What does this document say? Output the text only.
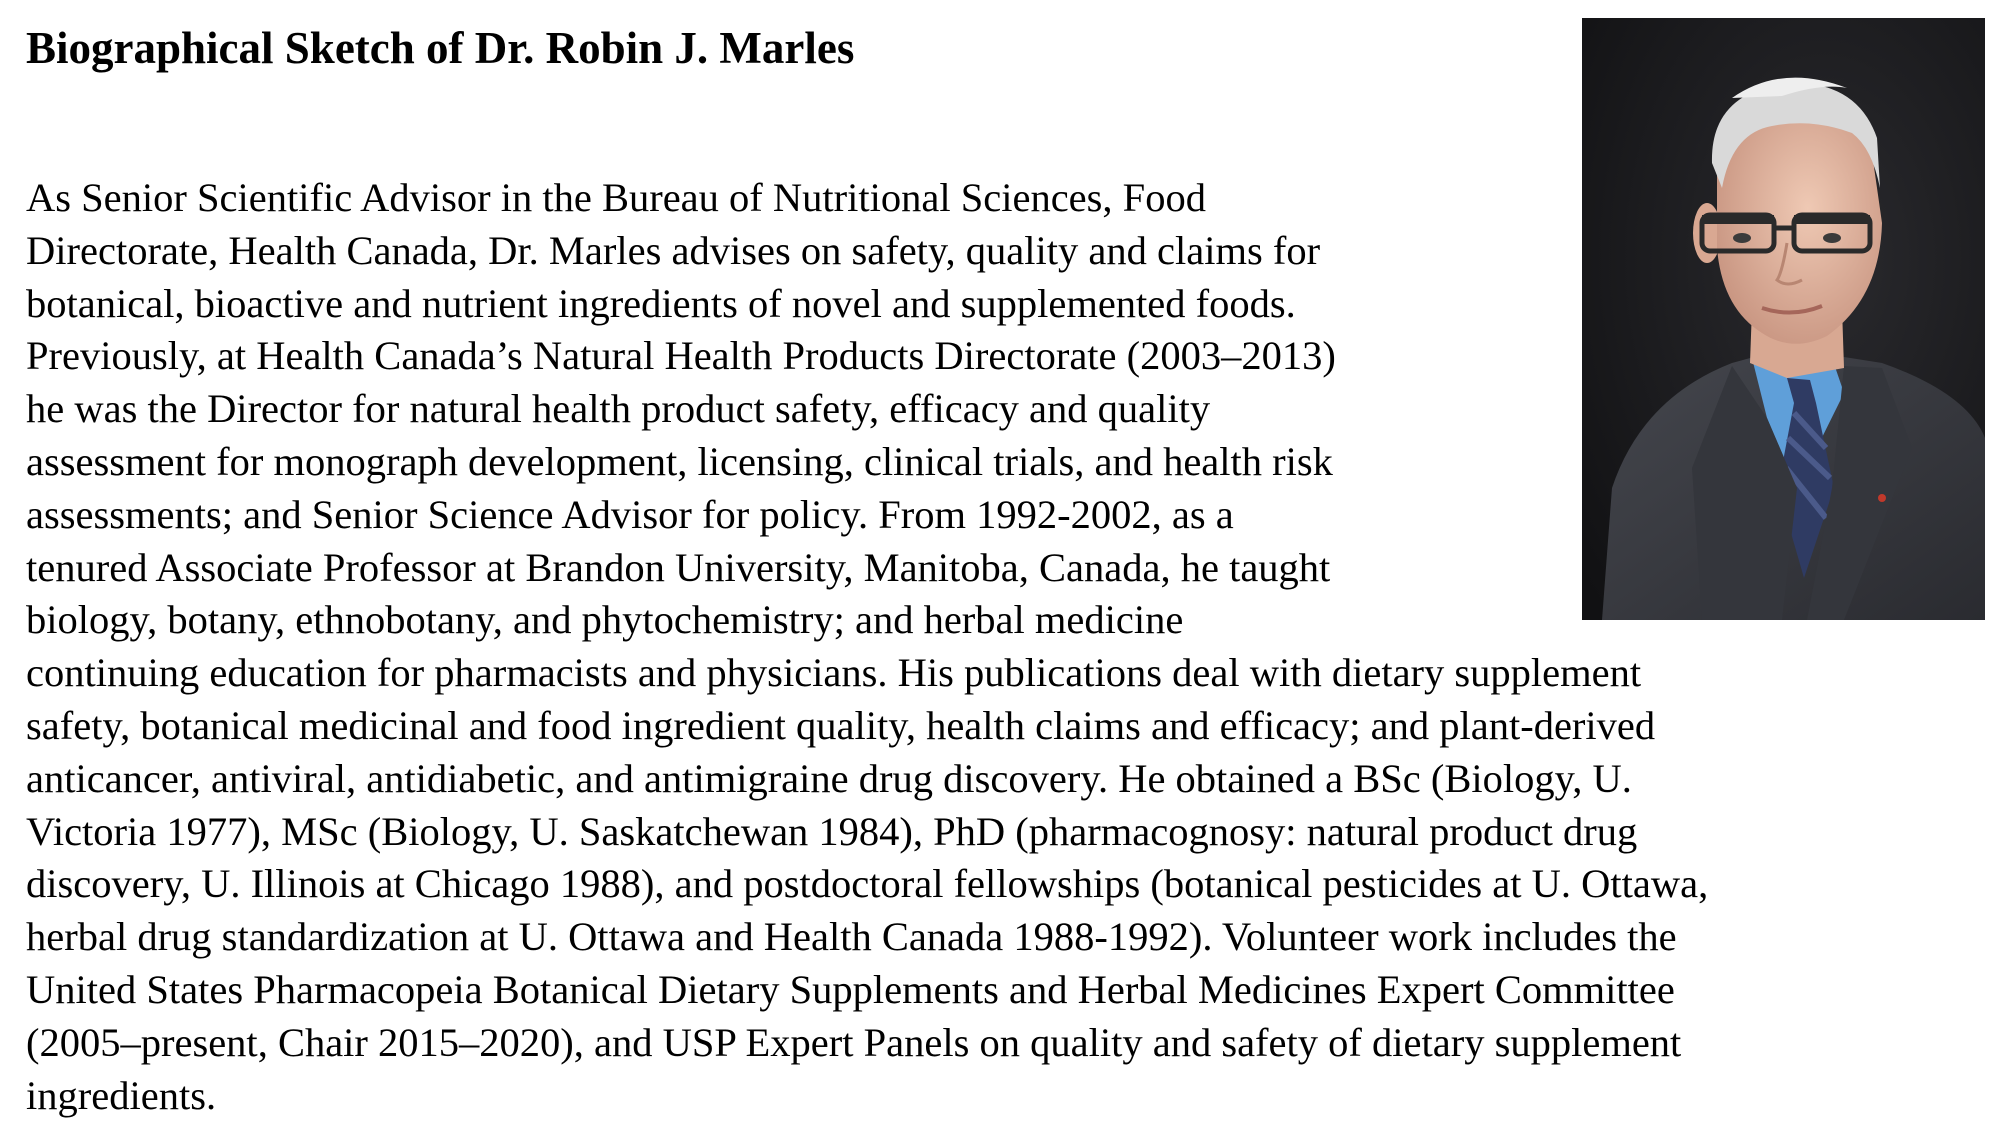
Biographical Sketch of Dr. Robin J. Marles
As Senior Scientific Advisor in the Bureau of Nutritional Sciences, Food
Directorate, Health Canada, Dr. Marles advises on safety, quality and claims for
botanical, bioactive and nutrient ingredients of novel and supplemented foods.
Previously, at Health Canada’s Natural Health Products Directorate (2003–2013)
he was the Director for natural health product safety, efficacy and quality
assessment for monograph development, licensing, clinical trials, and health risk
assessments; and Senior Science Advisor for policy. From 1992-2002, as a
tenured Associate Professor at Brandon University, Manitoba, Canada, he taught
biology, botany, ethnobotany, and phytochemistry; and herbal medicine
continuing education for pharmacists and physicians. His publications deal with dietary supplement
safety, botanical medicinal and food ingredient quality, health claims and efficacy; and plant-derived
anticancer, antiviral, antidiabetic, and antimigraine drug discovery. He obtained a BSc (Biology, U.
Victoria 1977), MSc (Biology, U. Saskatchewan 1984), PhD (pharmacognosy: natural product drug
discovery, U. Illinois at Chicago 1988), and postdoctoral fellowships (botanical pesticides at U. Ottawa,
herbal drug standardization at U. Ottawa and Health Canada 1988-1992). Volunteer work includes the
United States Pharmacopeia Botanical Dietary Supplements and Herbal Medicines Expert Committee
(2005–present, Chair 2015–2020), and USP Expert Panels on quality and safety of dietary supplement
ingredients.
